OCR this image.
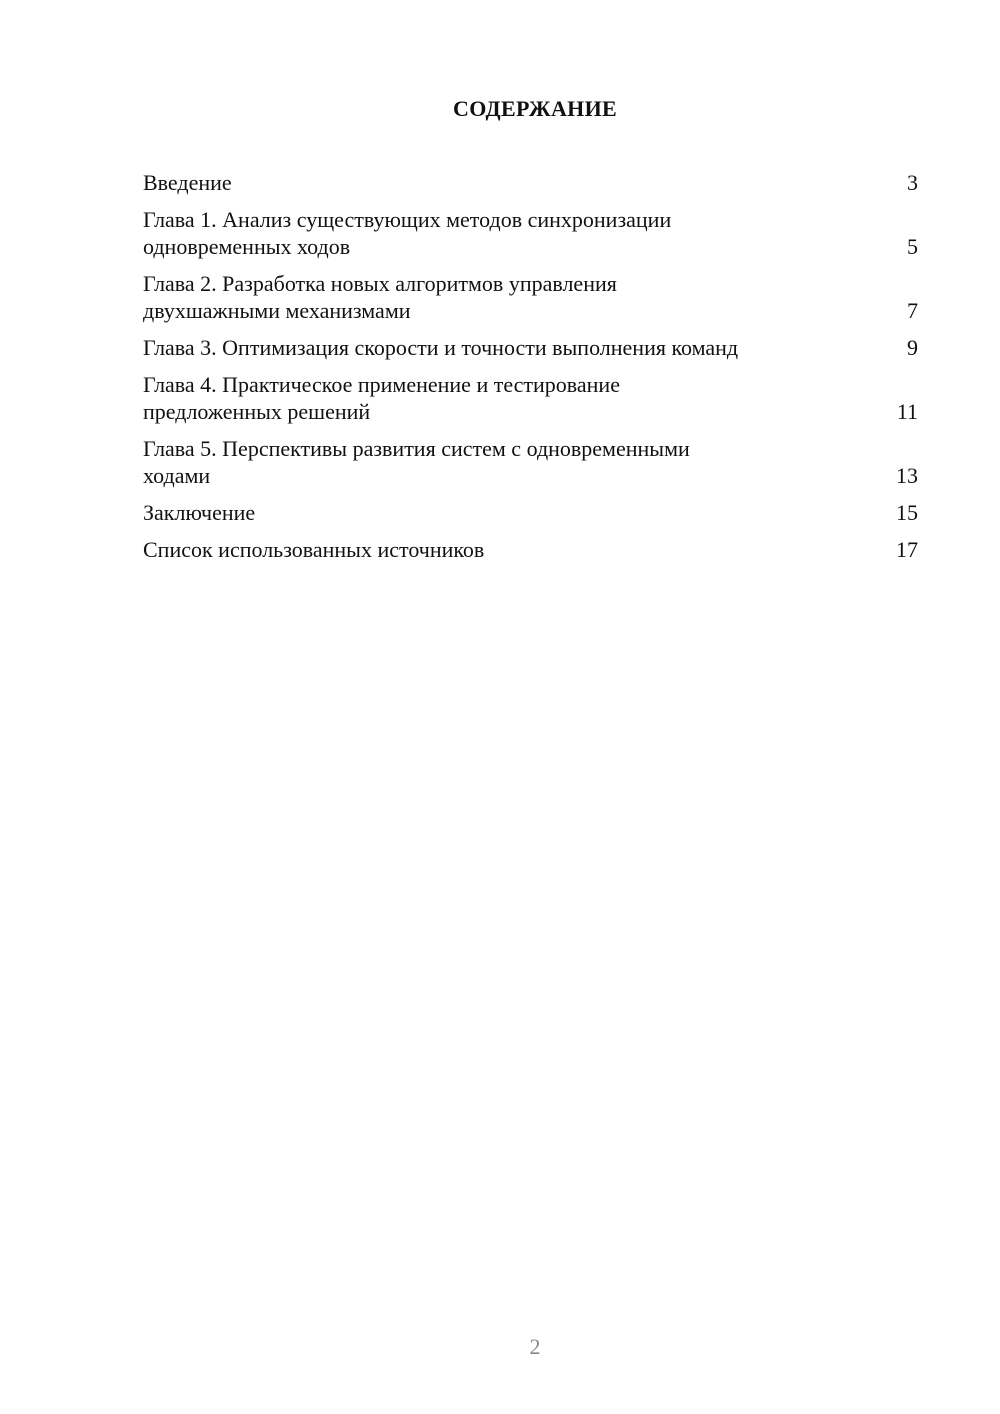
СОДЕРЖАНИЕ
Введение	3
Глава 1. Анализ существующих методов синхронизации
одновременных ходов	5
Глава 2. Разработка новых алгоритмов управления
двухшажными механизмами	7
Глава 3. Оптимизация скорости и точности выполнения команд	9
Глава 4. Практическое применение и тестирование
предложенных решений	11
Глава 5. Перспективы развития систем с одновременными
ходами	13
Заключение	15
Список использованных источников	17
2
